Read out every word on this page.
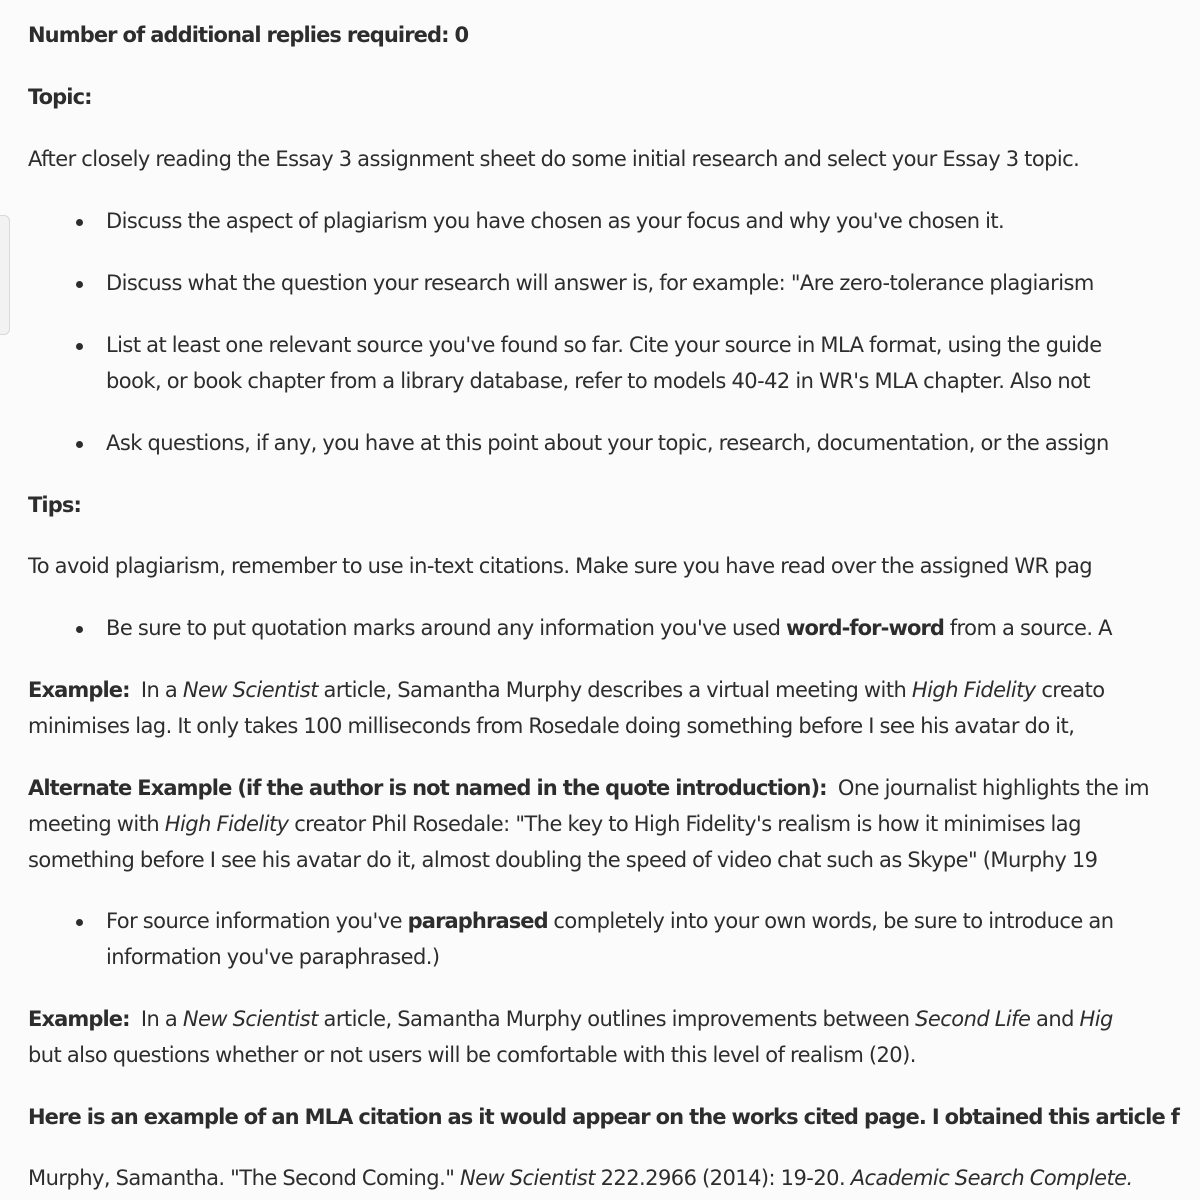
Number of additional replies required: 0
Topic:
After closely reading the Essay 3 assignment sheet do some initial research and select your Essay 3 topic.
Discuss the aspect of plagiarism you have chosen as your focus and why you've chosen it.
Discuss what the question your research will answer is, for example: "Are zero-tolerance plagiarism
List at least one relevant source you've found so far. Cite your source in MLA format, using the guide
book, or book chapter from a library database, refer to models 40-42 in WR's MLA chapter. Also not
Ask questions, if any, you have at this point about your topic, research, documentation, or the assign
Tips:
To avoid plagiarism, remember to use in-text citations. Make sure you have read over the assigned WR pag
Be sure to put quotation marks around any information you've used word-for-word from a source. A
Example:  In a New Scientist article, Samantha Murphy describes a virtual meeting with High Fidelity creato
minimises lag. It only takes 100 milliseconds from Rosedale doing something before I see his avatar do it,
Alternate Example (if the author is not named in the quote introduction):  One journalist highlights the im
meeting with High Fidelity creator Phil Rosedale: "The key to High Fidelity's realism is how it minimises lag
something before I see his avatar do it, almost doubling the speed of video chat such as Skype" (Murphy 19
For source information you've paraphrased completely into your own words, be sure to introduce an
information you've paraphrased.)
Example:  In a New Scientist article, Samantha Murphy outlines improvements between Second Life and Hig
but also questions whether or not users will be comfortable with this level of realism (20).
Here is an example of an MLA citation as it would appear on the works cited page. I obtained this article f
Murphy, Samantha. "The Second Coming." New Scientist 222.2966 (2014): 19-20. Academic Search Complete.
